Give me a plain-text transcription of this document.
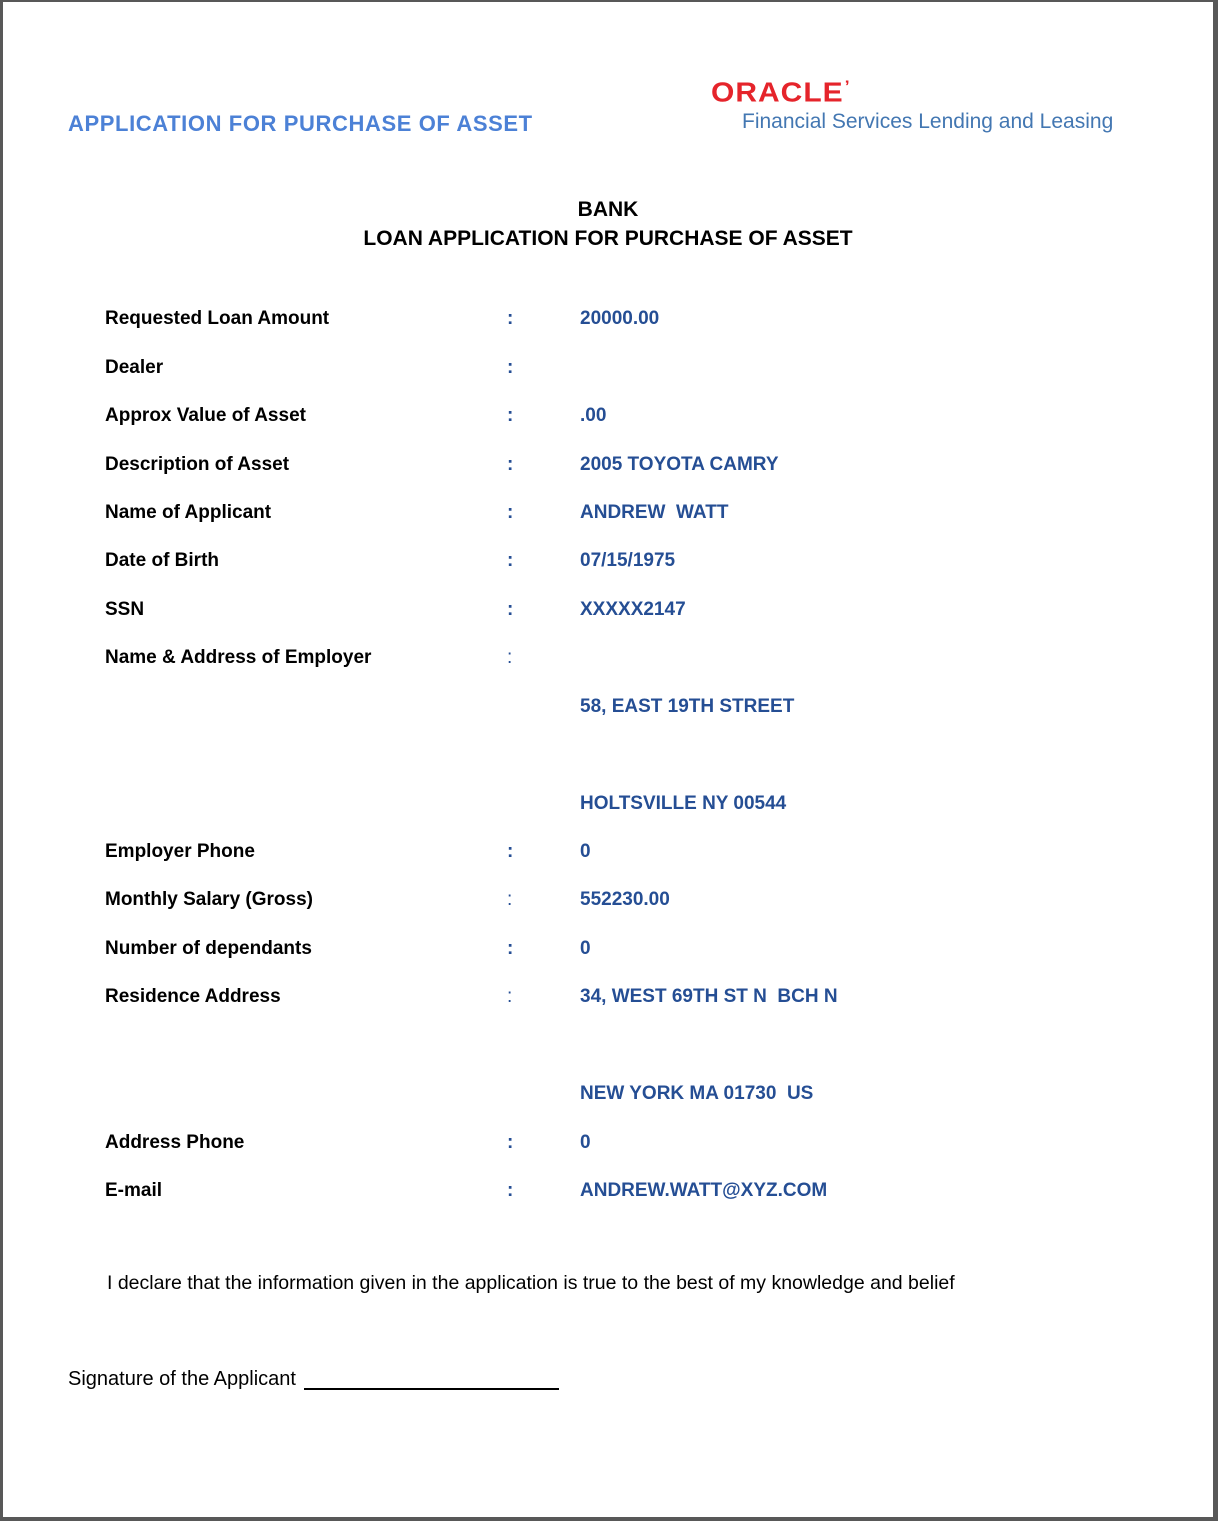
APPLICATION FOR PURCHASE OF ASSET
ORACLE’
Financial Services Lending and Leasing
BANK
LOAN APPLICATION FOR PURCHASE OF ASSET
Requested Loan Amount	:	20000.00
Dealer	:
Approx Value of Asset	:	.00
Description of Asset	:	2005 TOYOTA CAMRY
Name of Applicant	:	ANDREW  WATT
Date of Birth	:	07/15/1975
SSN	:	XXXXX2147
Name & Address of Employer	:
58, EAST 19TH STREET
HOLTSVILLE NY 00544
Employer Phone	:	0
Monthly Salary (Gross)	:	552230.00
Number of dependants	:	0
Residence Address	:	34, WEST 69TH ST N  BCH N
NEW YORK MA 01730  US
Address Phone	:	0
E-mail	:	ANDREW.WATT@XYZ.COM
I declare that the information given in the application is true to the best of my knowledge and belief
Signature of the Applicant
